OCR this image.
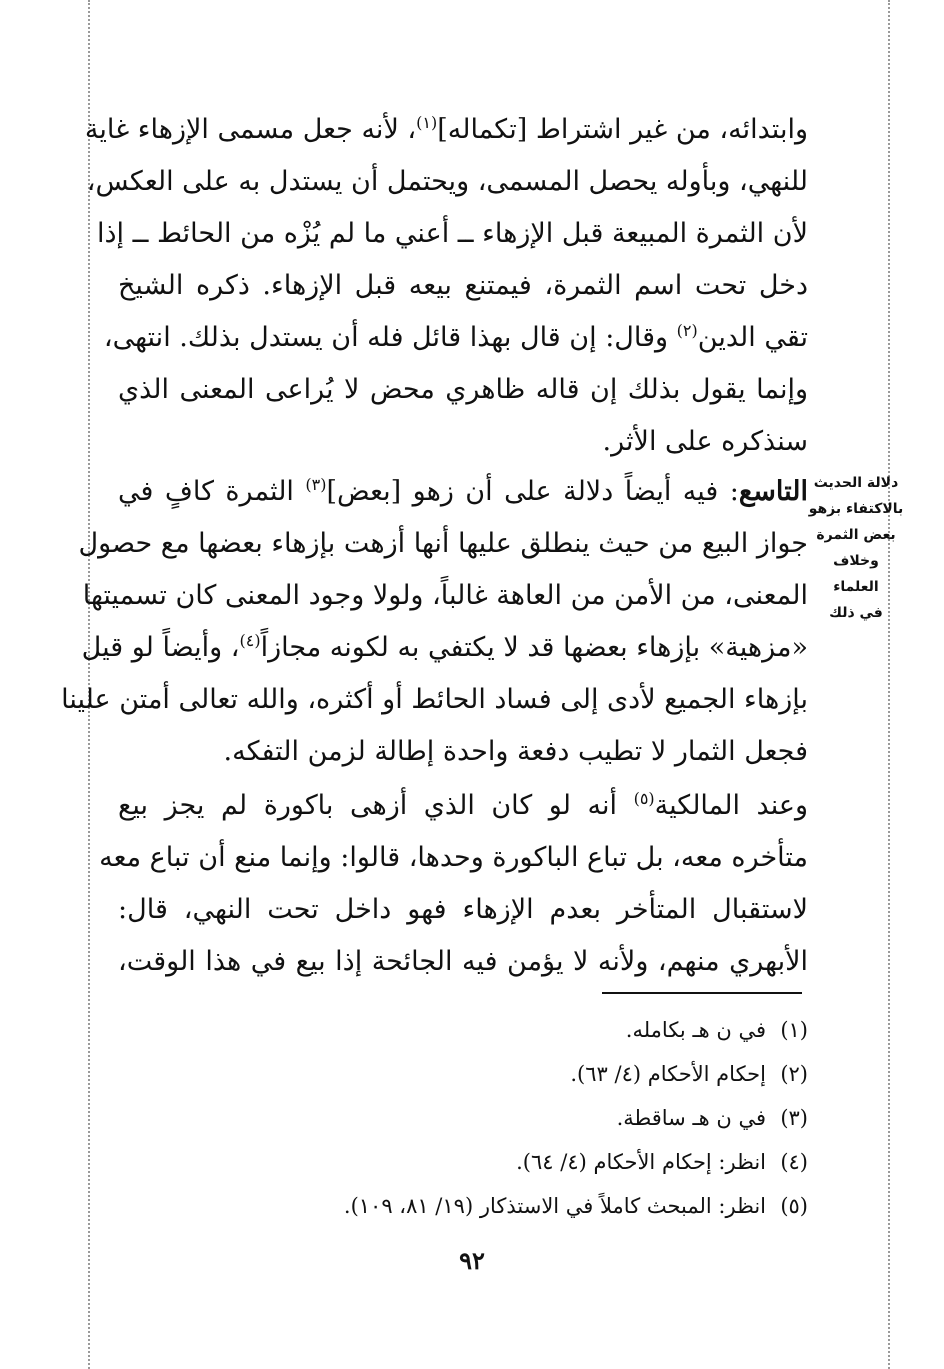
وابتدائه، من غير اشتراط [تكماله]$^{(١)}$، لأنه جعل مسمى الإزهاء غاية
للنهي، وبأوله يحصل المسمى، ويحتمل أن يستدل به على العكس،
لأن الثمرة المبيعة قبل الإزهاء ــ أعني ما لم يُزْه من الحائط ــ إذا
دخل تحت اسم الثمرة، فيمتنع بيعه قبل الإزهاء. ذكره الشيخ
تقي الدين$^{(٢)}$ وقال: إن قال بهذا قائل فله أن يستدل بذلك. انتهى،
وإنما يقول بذلك إن قاله ظاهري محض لا يُراعى المعنى الذي
سنذكره على الأثر.
التاسع: فيه أيضاً دلالة على أن زهو [بعض]$^{(٣)}$ الثمرة كافٍ في
جواز البيع من حيث ينطلق عليها أنها أزهت بإزهاء بعضها مع حصول
المعنى، من الأمن من العاهة غالباً، ولولا وجود المعنى كان تسميتها
«مزهية» بإزهاء بعضها قد لا يكتفي به لكونه مجازاً$^{(٤)}$، وأيضاً لو قيل
بإزهاء الجميع لأدى إلى فساد الحائط أو أكثره، والله تعالى أمتن علينا
فجعل الثمار لا تطيب دفعة واحدة إطالة لزمن التفكه.
دلالة الحديث
بالاكتفاء بزهو
بعض الثمرة
وخلاف العلماء
في ذلك
وعند المالكية$^{(٥)}$ أنه لو كان الذي أزهى باكورة لم يجز بيع
متأخره معه، بل تباع الباكورة وحدها، قالوا: وإنما منع أن تباع معه
لاستقبال المتأخر بعدم الإزهاء فهو داخل تحت النهي، قال:
الأبهري منهم، ولأنه لا يؤمن فيه الجائحة إذا بيع في هذا الوقت،
(١)في ن هـ بكامله.
(٢)إحكام الأحكام (٤/ ٦٣).
(٣)في ن هـ ساقطة.
(٤)انظر: إحكام الأحكام (٤/ ٦٤).
(٥)انظر: المبحث كاملاً في الاستذكار (١٩/ ٨١، ١٠٩).
٩٢
